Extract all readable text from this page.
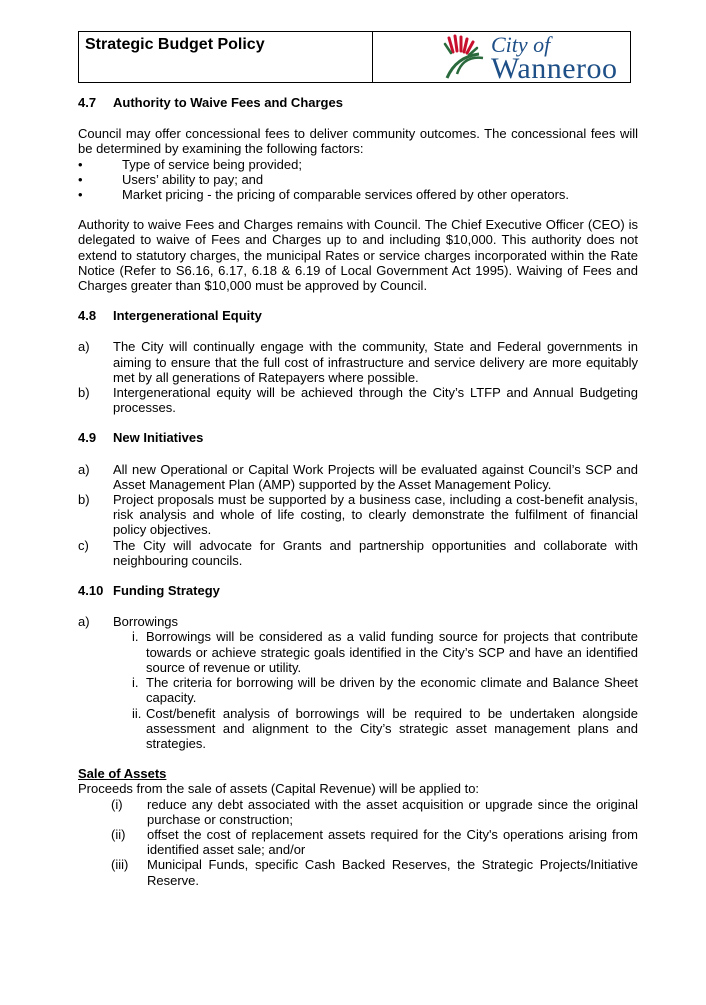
Strategic Budget Policy	City of
Wanneroo

4.7 Authority to Waive Fees and Charges

Council may offer concessional fees to deliver community outcomes. The concessional fees will be determined by examining the following factors:

•	Type of service being provided;
•	Users’ ability to pay; and
•	Market pricing - the pricing of comparable services offered by other operators.

Authority to waive Fees and Charges remains with Council. The Chief Executive Officer (CEO) is delegated to waive of Fees and Charges up to and including $10,000. This authority does not extend to statutory charges, the municipal Rates or service charges incorporated within the Rate Notice (Refer to S6.16, 6.17, 6.18 & 6.19 of Local Government Act 1995). Waiving of Fees and Charges greater than $10,000 must be approved by Council.

4.8 Intergenerational Equity

a)	The City will continually engage with the community, State and Federal governments in aiming to ensure that the full cost of infrastructure and service delivery are more equitably met by all generations of Ratepayers where possible.
b)	Intergenerational equity will be achieved through the City’s LTFP and Annual Budgeting processes.

4.9 New Initiatives

a)	All new Operational or Capital Work Projects will be evaluated against Council’s SCP and Asset Management Plan (AMP) supported by the Asset Management Policy.
b)	Project proposals must be supported by a business case, including a cost-benefit analysis, risk analysis and whole of life costing, to clearly demonstrate the fulfilment of financial policy objectives.
c)	The City will advocate for Grants and partnership opportunities and collaborate with neighbouring councils.

4.10 Funding Strategy

a)	Borrowings
i. Borrowings will be considered as a valid funding source for projects that contribute towards or achieve strategic goals identified in the City’s SCP and have an identified source of revenue or utility.
i. The criteria for borrowing will be driven by the economic climate and Balance Sheet capacity.
ii. Cost/benefit analysis of borrowings will be required to be undertaken alongside assessment and alignment to the City’s strategic asset management plans and strategies.

Sale of Assets

Proceeds from the sale of assets (Capital Revenue) will be applied to:

(i)	reduce any debt associated with the asset acquisition or upgrade since the original purchase or construction;
(ii)	offset the cost of replacement assets required for the City's operations arising from identified asset sale; and/or
(iii)	Municipal Funds, specific Cash Backed Reserves, the Strategic Projects/Initiative Reserve.
